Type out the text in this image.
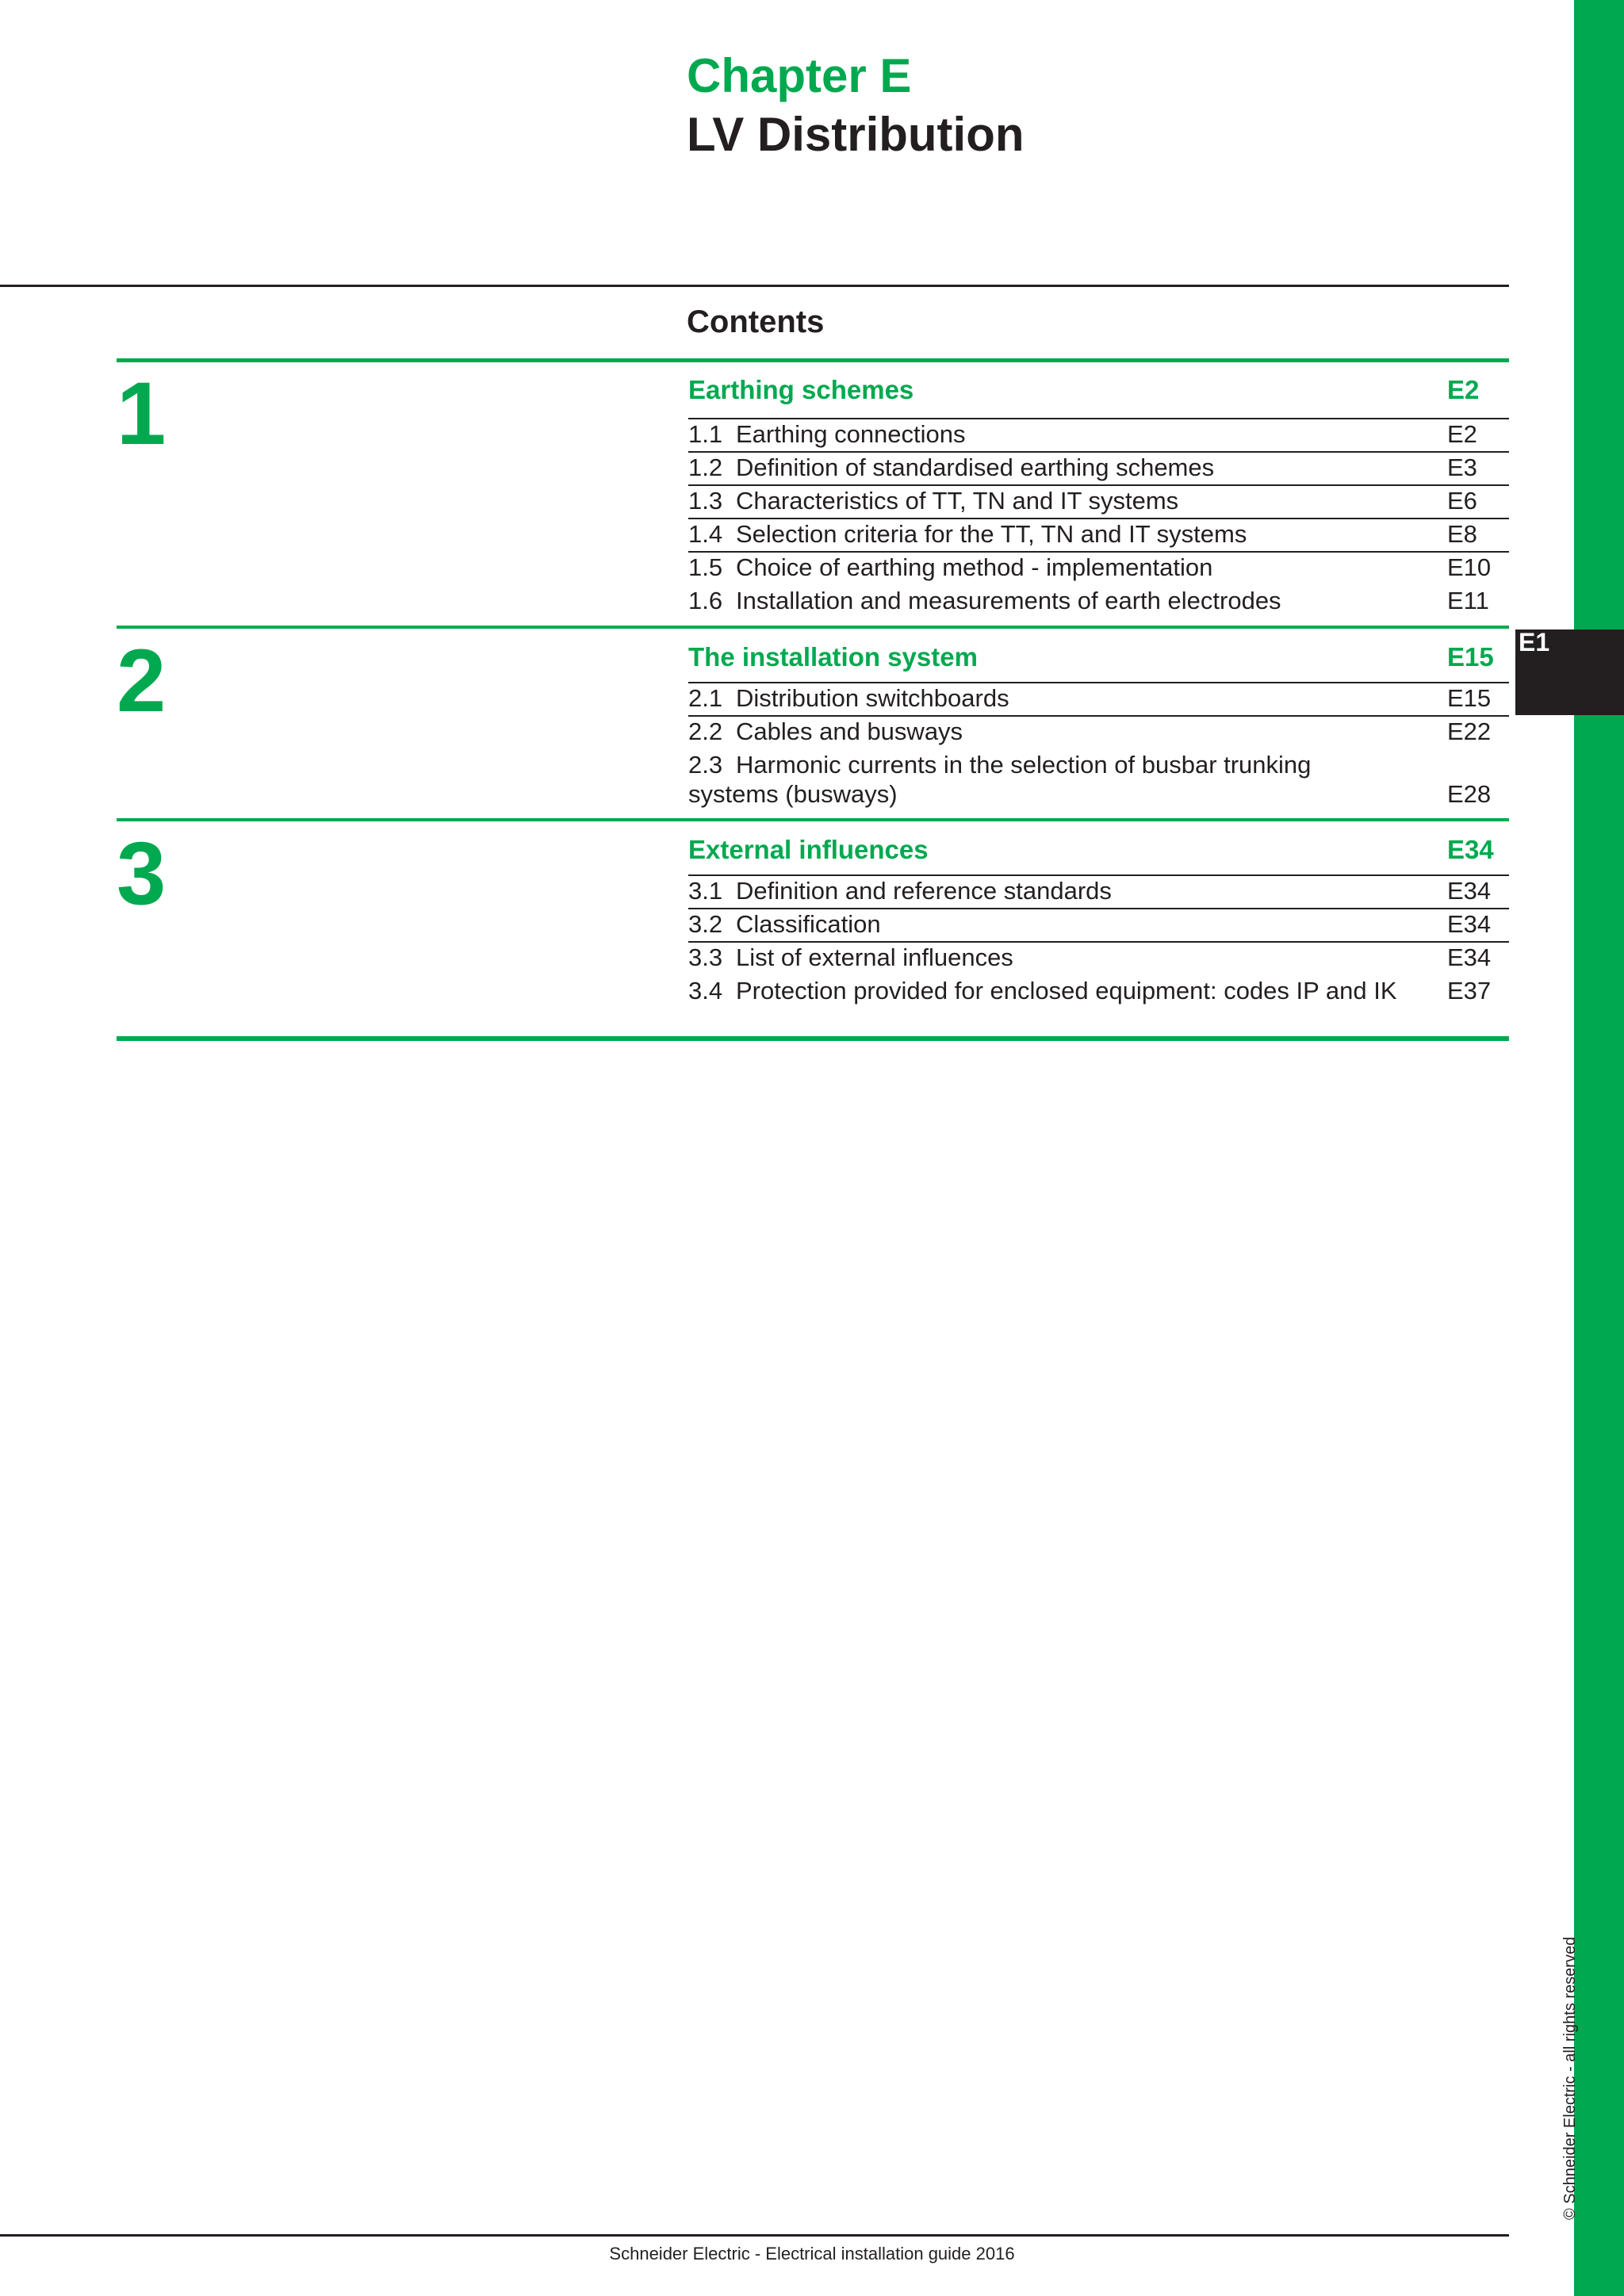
E1
© Schneider Electric - all rights reserved
Chapter E
LV Distribution
Contents
1	Earthing schemes	E2
1.1 Earthing connections	E2
1.2 Definition of standardised earthing schemes	E3
1.3 Characteristics of TT, TN and IT systems	E6
1.4 Selection criteria for the TT, TN and IT systems	E8
1.5 Choice of earthing method - implementation	E10
1.6 Installation and measurements of earth electrodes	E11
2	The installation system	E15
2.1 Distribution switchboards	E15
2.2 Cables and busways	E22
2.3 Harmonic currents in the selection of busbar trunking
systems (busways)	E28
3	External influences	E34
3.1 Definition and reference standards	E34
3.2 Classification	E34
3.3 List of external influences	E34
3.4 Protection provided for enclosed equipment: codes IP and IK E37
Schneider Electric - Electrical installation guide 2016
